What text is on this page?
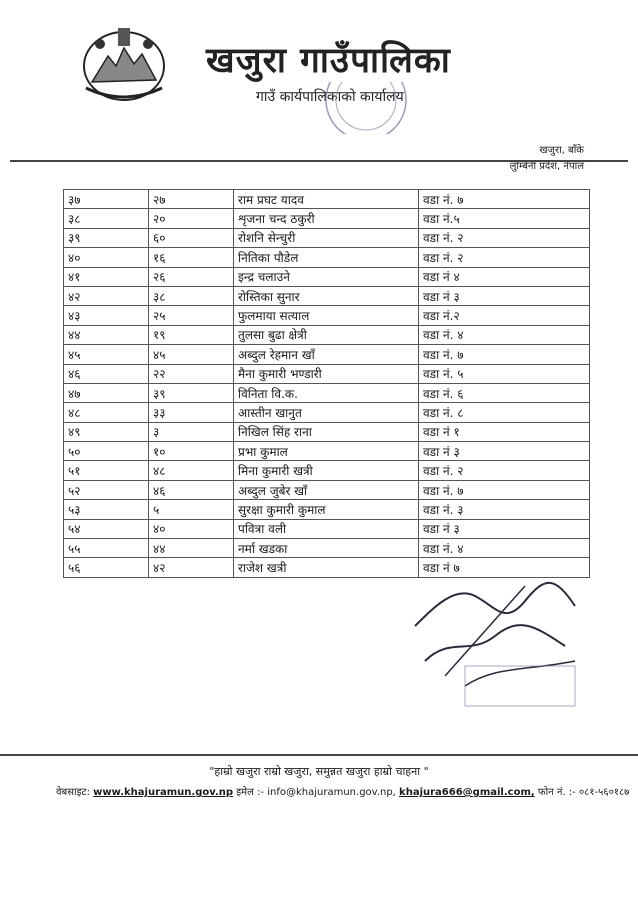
खजुरा गाउँपालिका
गाउँ कार्यपालिकाको कार्यालय
खजुरा, बाँके
लुम्बिनी प्रदेश, नेपाल
३७	२७	राम प्रघट यादव	वडा नं. ७
३८	२०	शृजना चन्द ठकुरी	वडा नं.५
३९	६०	रोशनि सेन्चुरी	वडा नं. २
४०	१६	नितिका पौडेल	वडा नं. २
४१	२६	इन्द्र चलाउने	वडा नं ४
४२	३८	रोस्तिका सुनार	वडा नं ३
४३	२५	फुलमाया सत्याल	वडा नं.२
४४	१९	तुलसा बुढा क्षेत्री	वडा नं. ४
४५	४५	अब्दुल रेहमान खाँ	वडा नं. ७
४६	२२	मैना कुमारी भण्डारी	वडा नं. ५
४७	३९	विनिता वि.क.	वडा नं. ६
४८	३३	आस्तीन खानुत	वडा नं. ८
४९	३	निखिल सिंह राना	वडा नं १
५०	१०	प्रभा कुमाल	वडा नं ३
५१	४८	मिना कुमारी खत्री	वडा नं. २
५२	४६	अब्दुल जुबेर खाँ	वडा नं. ७
५३	५	सुरक्षा कुमारी कुमाल	वडा नं. ३
५४	४०	पवित्रा वली	वडा नं ३
५५	४४	नर्मा खडका	वडा नं. ४
५६	४२	राजेश खत्री	वडा नं ७
"हाम्रो खजुरा राम्रो खजुरा, समुन्नत खजुरा हाम्रो चाहना "
वेबसाइट: www.khajuramun.gov.np इमेल :- info@khajuramun.gov.np, khajura666@gmail.com, फोन नं. :- ०८१-५६०१८७
